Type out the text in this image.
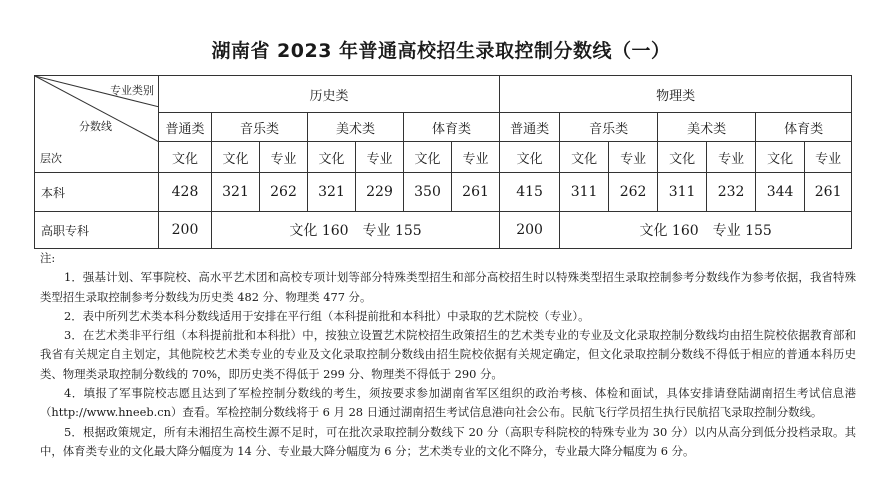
湖南省 2023 年普通高校招生录取控制分数线（一）
专业类别
分数线
层次	历史类							物理类						
	普通类	音乐类		美术类		体育类		普通类	音乐类		美术类		体育类	
	文化	文化	专业	文化	专业	文化	专业	文化	文化	专业	文化	专业	文化	专业
本科	428	321	262	321	229	350	261	415	311	262	311	232	344	261
高职专科	200	文化 160　专业 155						200	文化 160　专业 155					

注:

1．强基计划、军事院校、高水平艺术团和高校专项计划等部分特殊类型招生和部分高校招生时以特殊类型招生录取控制参考分数线作为参考依据，我省特殊类型招生录取控制参考分数线为历史类 482 分、物理类 477 分。

2．表中所列艺术类本科分数线适用于安排在平行组（本科提前批和本科批）中录取的艺术院校（专业）。

3．在艺术类非平行组（本科提前批和本科批）中，按独立设置艺术院校招生政策招生的艺术类专业的专业及文化录取控制分数线均由招生院校依据教育部和我省有关规定自主划定，其他院校艺术类专业的专业及文化录取控制分数线由招生院校依据有关规定确定，但文化录取控制分数线不得低于相应的普通本科历史类、物理类录取控制分数线的 70%，即历史类不得低于 299 分、物理类不得低于 290 分。

4．填报了军事院校志愿且达到了军检控制分数线的考生，须按要求参加湖南省军区组织的政治考核、体检和面试，具体安排请登陆湖南招生考试信息港（http://www.hneeb.cn）查看。军检控制分数线将于 6 月 28 日通过湖南招生考试信息港向社会公布。民航飞行学员招生执行民航招飞录取控制分数线。

5．根据政策规定，所有未湘招生高校生源不足时，可在批次录取控制分数线下 20 分（高职专科院校的特殊专业为 30 分）以内从高分到低分投档录取。其中，体育类专业的文化最大降分幅度为 14 分、专业最大降分幅度为 6 分；艺术类专业的文化不降分，专业最大降分幅度为 6 分。
